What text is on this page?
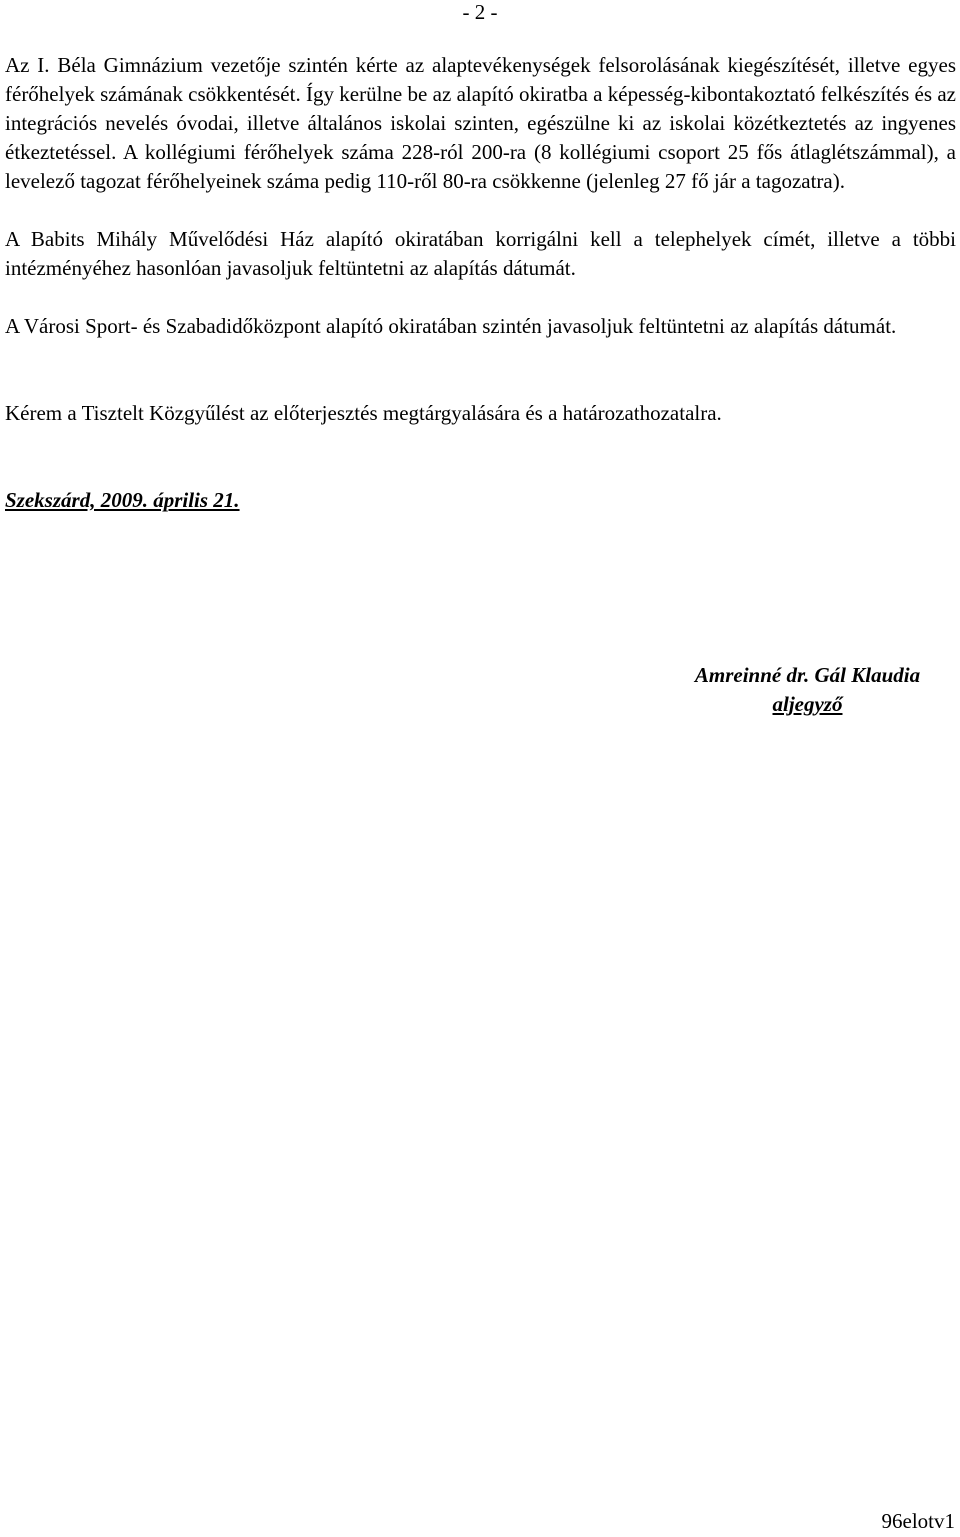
- 2 -

Az I. Béla Gimnázium vezetője szintén kérte az alaptevékenységek felsorolásának kiegészítését, illetve egyes férőhelyek számának csökkentését. Így kerülne be az alapító okiratba a képesség-kibontakoztató felkészítés és az integrációs nevelés óvodai, illetve általános iskolai szinten, egészülne ki az iskolai közétkeztetés az ingyenes étkeztetéssel. A kollégiumi férőhelyek száma 228-ról 200-ra (8 kollégiumi csoport 25 fős átlaglétszámmal), a levelező tagozat férőhelyeinek száma pedig 110-ről 80-ra csökkenne (jelenleg 27 fő jár a tagozatra).

A Babits Mihály Művelődési Ház alapító okiratában korrigálni kell a telephelyek címét, illetve a többi intézményéhez hasonlóan javasoljuk feltüntetni az alapítás dátumát.

A Városi Sport- és Szabadidőközpont alapító okiratában szintén javasoljuk feltüntetni az alapítás dátumát.

Kérem a Tisztelt Közgyűlést az előterjesztés megtárgyalására és a határozathozatalra.

Szekszárd, 2009. április 21.

Amreinné dr. Gál Klaudia
aljegyző
96elotv1
